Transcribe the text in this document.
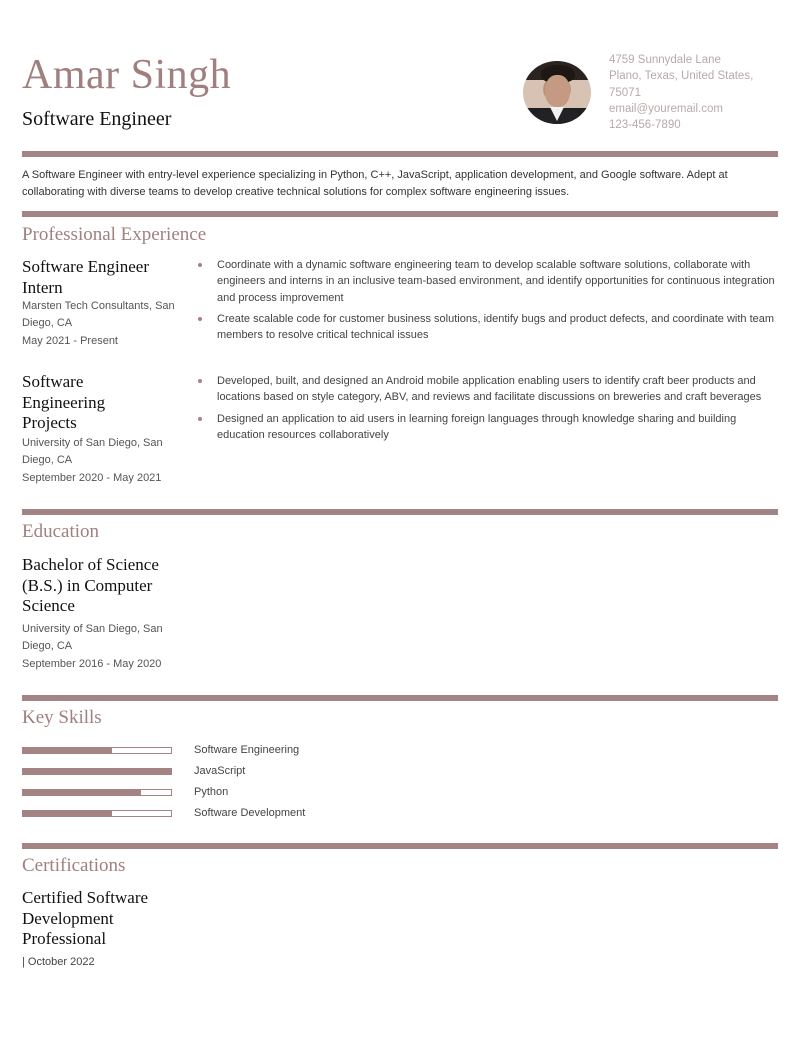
Amar Singh
Software Engineer
4759 Sunnydale Lane
Plano, Texas, United States, 75071
email@youremail.com
123-456-7890
A Software Engineer with entry-level experience specializing in Python, C++, JavaScript, application development, and Google software. Adept at collaborating with diverse teams to develop creative technical solutions for complex software engineering issues.
Professional Experience
Software Engineer Intern
Marsten Tech Consultants, San Diego, CA
May 2021 - Present
Coordinate with a dynamic software engineering team to develop scalable software solutions, collaborate with engineers and interns in an inclusive team-based environment, and identify opportunities for continuous integration and process improvement
Create scalable code for customer business solutions, identify bugs and product defects, and coordinate with team members to resolve critical technical issues
Software Engineering Projects
University of San Diego, San Diego, CA
September 2020 - May 2021
Developed, built, and designed an Android mobile application enabling users to identify craft beer products and locations based on style category, ABV, and reviews and facilitate discussions on breweries and craft beverages
Designed an application to aid users in learning foreign languages through knowledge sharing and building education resources collaboratively
Education
Bachelor of Science (B.S.) in Computer Science
University of San Diego, San Diego, CA
September 2016 - May 2020
Key Skills
Software Engineering
JavaScript
Python
Software Development
Certifications
Certified Software Development Professional
| October 2022
